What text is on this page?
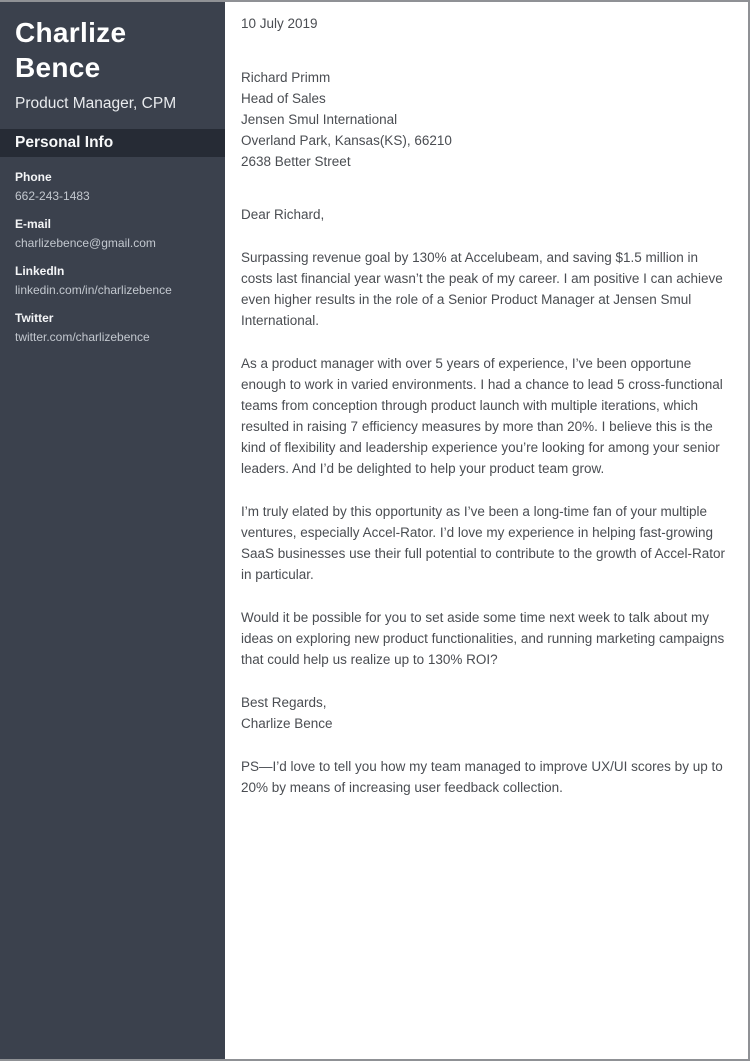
Charlize Bence
Product Manager, CPM
Personal Info
Phone
662-243-1483
E-mail
charlizebence@gmail.com
LinkedIn
linkedin.com/in/charlizebence
Twitter
twitter.com/charlizebence
10 July 2019
Richard Primm
Head of Sales
Jensen Smul International
Overland Park, Kansas(KS), 66210
2638 Better Street
Dear Richard,

Surpassing revenue goal by 130% at Accelubeam, and saving $1.5 million in costs last financial year wasn’t the peak of my career. I am positive I can achieve even higher results in the role of a Senior Product Manager at Jensen Smul International.

As a product manager with over 5 years of experience, I’ve been opportune enough to work in varied environments. I had a chance to lead 5 cross-functional teams from conception through product launch with multiple iterations, which resulted in raising 7 efficiency measures by more than 20%. I believe this is the kind of flexibility and leadership experience you’re looking for among your senior leaders. And I’d be delighted to help your product team grow.

I’m truly elated by this opportunity as I’ve been a long-time fan of your multiple ventures, especially Accel-Rator. I’d love my experience in helping fast-growing SaaS businesses use their full potential to contribute to the growth of Accel-Rator in particular.

Would it be possible for you to set aside some time next week to talk about my ideas on exploring new product functionalities, and running marketing campaigns that could help us realize up to 130% ROI?

Best Regards,
Charlize Bence

PS—I’d love to tell you how my team managed to improve UX/UI scores by up to 20% by means of increasing user feedback collection.
